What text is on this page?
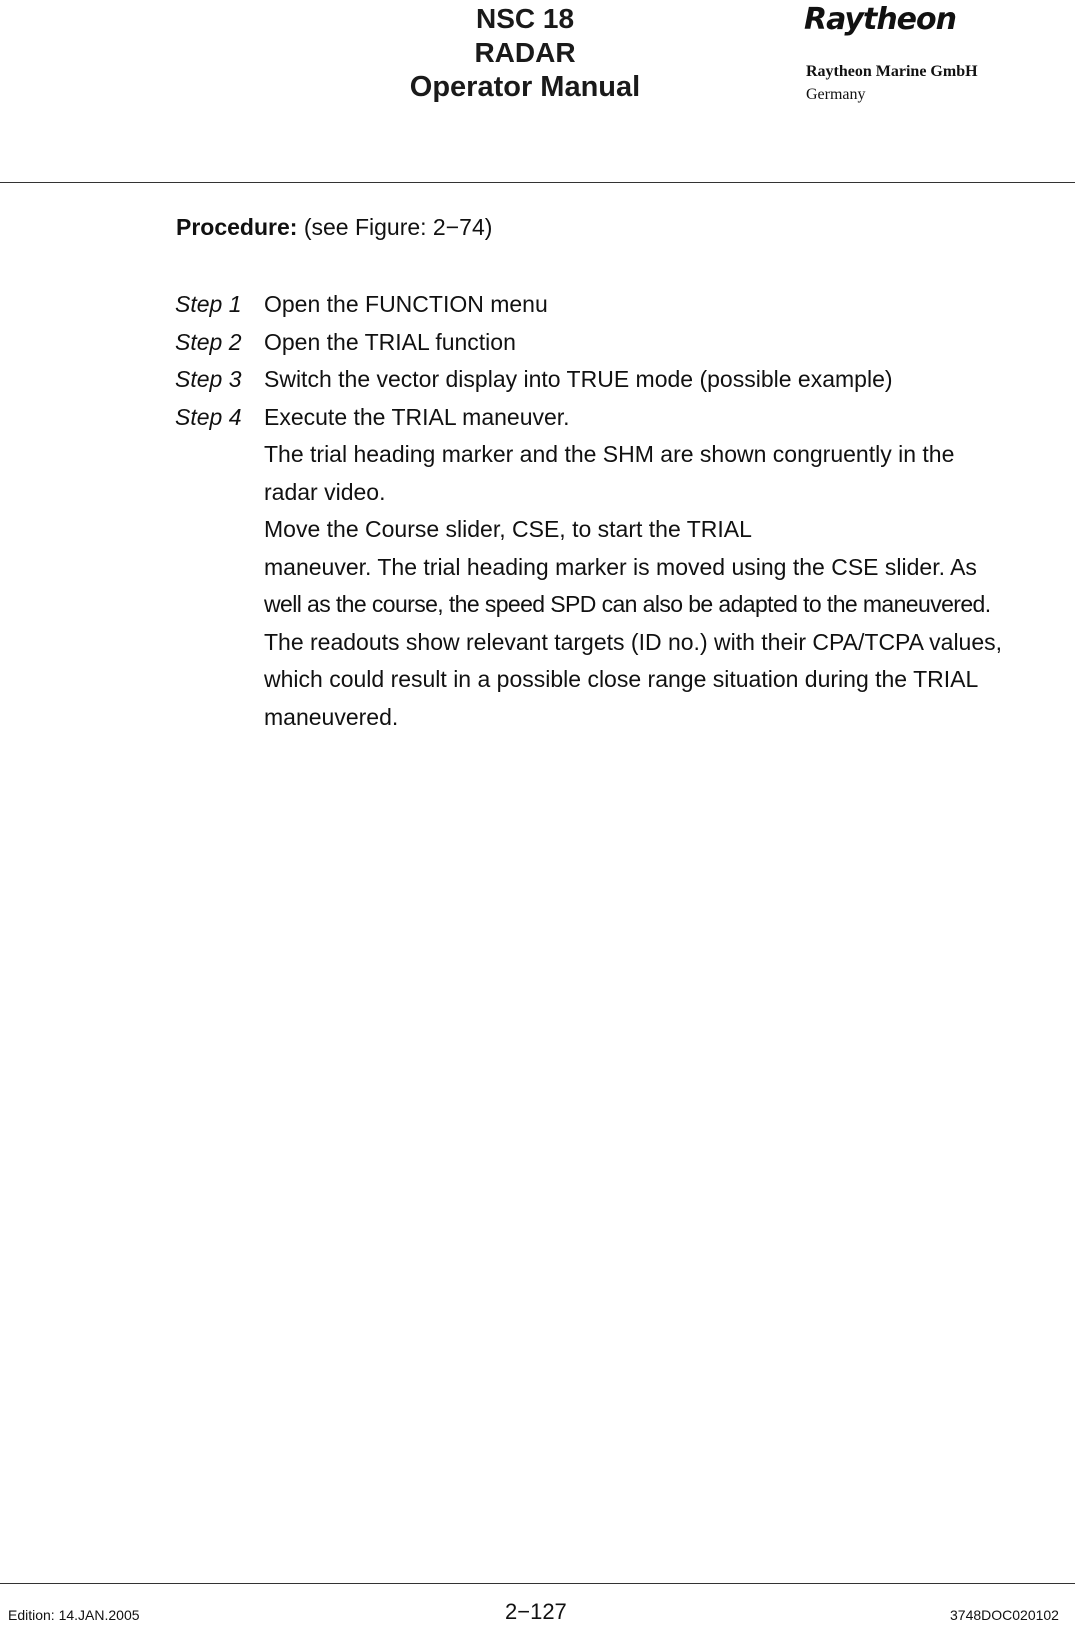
NSC 18
RADAR
Operator Manual
Raytheon
Raytheon Marine GmbH
Germany
Procedure: (see Figure: 2−74)
Step 1 Open the FUNCTION menu
Step 2 Open the TRIAL function
Step 3 Switch the vector display into TRUE mode (possible example)
Step 4 Execute the TRIAL maneuver.
The trial heading marker and the SHM are shown congruently in the
radar video.
Move the Course slider, CSE, to start the TRIAL
maneuver. The trial heading marker is moved using the CSE slider. As
well as the course, the speed SPD can also be adapted to the maneuvered.
The readouts show relevant targets (ID no.) with their CPA/TCPA values,
which could result in a possible close range situation during the TRIAL
maneuvered.
Edition: 14.JAN.2005	2−127	3748DOC020102
